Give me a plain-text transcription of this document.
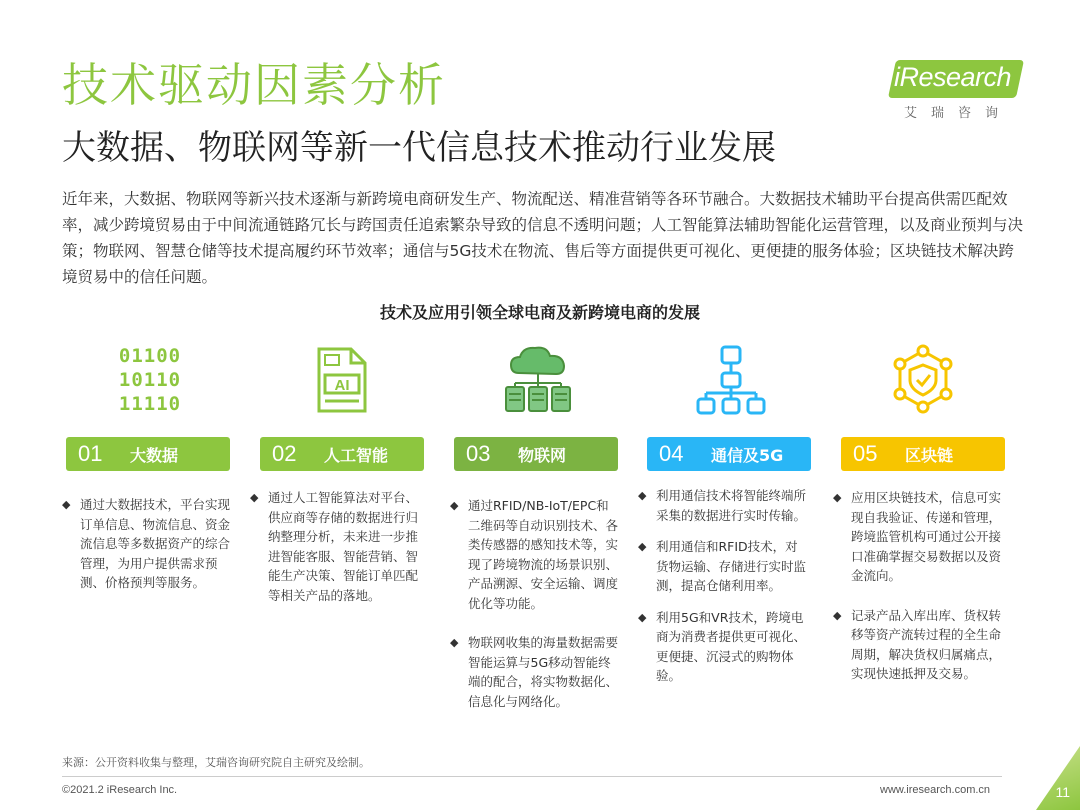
技术驱动因素分析
大数据、物联网等新一代信息技术推动行业发展
iResearch
艾瑞咨询
近年来，大数据、物联网等新兴技术逐渐与新跨境电商研发生产、物流配送、精准营销等各环节融合。大数据技术辅助平台提高供需匹配效率，减少跨境贸易由于中间流通链路冗长与跨国责任追索繁杂导致的信息不透明问题；人工智能算法辅助智能化运营管理，以及商业预判与决策；物联网、智慧仓储等技术提高履约环节效率；通信与5G技术在物流、售后等方面提供更可视化、更便捷的服务体验；区块链技术解决跨境贸易中的信任问题。
技术及应用引领全球电商及新跨境电商的发展
01100
10110
11110
AI
01	大数据	02	人工智能	03	物联网	04	通信及5G	05	区块链
◆ 通过大数据技术，平台实现订单信息、物流信息、资金流信息等多数据资产的综合管理，为用户提供需求预测、价格预判等服务。
◆ 通过人工智能算法对平台、供应商等存储的数据进行归纳整理分析，未来进一步推进智能客服、智能营销、智能生产决策、智能订单匹配等相关产品的落地。
◆ 通过RFID/NB-IoT/EPC和二维码等自动识别技术、各类传感器的感知技术等，实现了跨境物流的场景识别、产品溯源、安全运输、调度优化等功能。
◆ 物联网收集的海量数据需要智能运算与5G移动智能终端的配合，将实物数据化、信息化与网络化。
◆ 利用通信技术将智能终端所采集的数据进行实时传输。
◆ 利用通信和RFID技术，对货物运输、存储进行实时监测，提高仓储利用率。
◆ 利用5G和VR技术，跨境电商为消费者提供更可视化、更便捷、沉浸式的购物体验。
◆ 应用区块链技术，信息可实现自我验证、传递和管理，跨境监管机构可通过公开接口准确掌握交易数据以及资金流向。
◆ 记录产品入库出库、货权转移等资产流转过程的全生命周期，解决货权归属痛点，实现快速抵押及交易。
来源：公开资料收集与整理，艾瑞咨询研究院自主研究及绘制。
©2021.2 iResearch Inc.	www.iresearch.com.cn	11
